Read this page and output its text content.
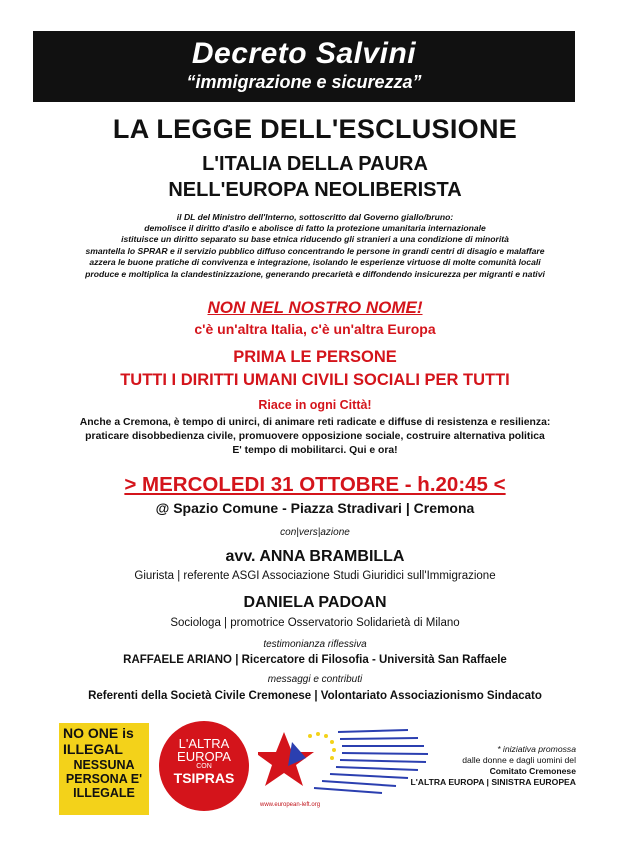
Decreto Salvini
“immigrazione e sicurezza”
LA LEGGE DELL'ESCLUSIONE
L'ITALIA DELLA PAURA
NELL'EUROPA NEOLIBERISTA
il DL del Ministro dell'Interno, sottoscritto dal Governo giallo/bruno:
demolisce il diritto d'asilo e abolisce di fatto la protezione umanitaria internazionale
istituisce un diritto separato su base etnica riducendo gli stranieri a una condizione di minorità
smantella lo SPRAR e il servizio pubblico diffuso concentrando le persone in grandi centri di disagio e malaffare
azzera le buone pratiche di convivenza e integrazione, isolando le esperienze virtuose di molte comunità locali
produce e moltiplica la clandestinizzazione, generando precarietà e diffondendo insicurezza per migranti e nativi
NON NEL NOSTRO NOME!
c'è un'altra Italia, c'è un'altra Europa
PRIMA LE PERSONE
TUTTI I DIRITTI UMANI CIVILI SOCIALI PER TUTTI
Riace in ogni Città!
Anche a Cremona, è tempo di unirci, di animare reti radicate e diffuse di resistenza e resilienza:
praticare disobbedienza civile, promuovere opposizione sociale, costruire alternativa politica
E' tempo di mobilitarci. Qui e ora!
> MERCOLEDI 31 OTTOBRE - h.20:45 <
@ Spazio Comune - Piazza Stradivari | Cremona
con|vers|azione
avv. ANNA BRAMBILLA
Giurista | referente ASGI Associazione Studi Giuridici sull'Immigrazione
DANIELA PADOAN
Sociologa | promotrice Osservatorio Solidarietà di Milano
testimonianza riflessiva
RAFFAELE ARIANO | Ricercatore di Filosofia - Università San Raffaele
messaggi e contributi
Referenti della Società Civile Cremonese | Volontariato Associazionismo Sindacato
NO ONE is ILLEGAL
NESSUNA PERSONA E' ILLEGALE
L'ALTRA
EUROPA
CON
TSIPRAS
www.european-left.org
* iniziativa promossa
dalle donne e dagli uomini del
Comitato Cremonese
L'ALTRA EUROPA | SINISTRA EUROPEA
